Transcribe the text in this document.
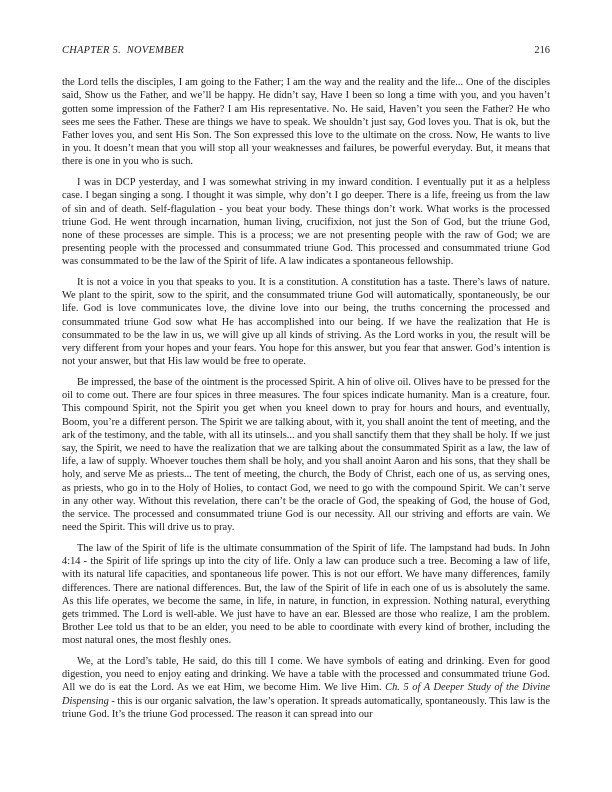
CHAPTER 5.  NOVEMBER	216

the Lord tells the disciples, I am going to the Father; I am the way and the reality and the life... One of the disciples said, Show us the Father, and we’ll be happy. He didn’t say, Have I been so long a time with you, and you haven’t gotten some impression of the Father? I am His representative. No. He said, Haven’t you seen the Father? He who sees me sees the Father. These are things we have to speak. We shouldn’t just say, God loves you. That is ok, but the Father loves you, and sent His Son. The Son expressed this love to the ultimate on the cross. Now, He wants to live in you. It doesn’t mean that you will stop all your weaknesses and failures, be powerful everyday. But, it means that there is one in you who is such.

I was in DCP yesterday, and I was somewhat striving in my inward condition. I eventually put it as a helpless case. I began singing a song. I thought it was simple, why don’t I go deeper. There is a life, freeing us from the law of sin and of death. Self-flagulation - you beat your body. These things don’t work. What works is the processed triune God. He went through incarnation, human living, crucifixion, not just the Son of God, but the triune God, none of these processes are simple. This is a process; we are not presenting people with the raw of God; we are presenting people with the processed and consummated triune God. This processed and consummated triune God was consummated to be the law of the Spirit of life. A law indicates a spontaneous fellowship.

It is not a voice in you that speaks to you. It is a constitution. A constitution has a taste. There’s laws of nature. We plant to the spirit, sow to the spirit, and the consummated triune God will automatically, spontaneously, be our life. God is love communicates love, the divine love into our being, the truths concerning the processed and consummated triune God sow what He has accomplished into our being. If we have the realization that He is consummated to be the law in us, we will give up all kinds of striving. As the Lord works in you, the result will be very different from your hopes and your fears. You hope for this answer, but you fear that answer. God’s intention is not your answer, but that His law would be free to operate.

Be impressed, the base of the ointment is the processed Spirit. A hin of olive oil. Olives have to be pressed for the oil to come out. There are four spices in three measures. The four spices indicate humanity. Man is a creature, four. This compound Spirit, not the Spirit you get when you kneel down to pray for hours and hours, and eventually, Boom, you’re a different person. The Spirit we are talking about, with it, you shall anoint the tent of meeting, and the ark of the testimony, and the table, with all its utinsels... and you shall sanctify them that they shall be holy. If we just say, the Spirit, we need to have the realization that we are talking about the consummated Spirit as a law, the law of life, a law of supply. Whoever touches them shall be holy, and you shall anoint Aaron and his sons, that they shall be holy, and serve Me as priests... The tent of meeting, the church, the Body of Christ, each one of us, as serving ones, as priests, who go in to the Holy of Holies, to contact God, we need to go with the compound Spirit. We can’t serve in any other way. Without this revelation, there can’t be the oracle of God, the speaking of God, the house of God, the service. The processed and consummated triune God is our necessity. All our striving and efforts are vain. We need the Spirit. This will drive us to pray.

The law of the Spirit of life is the ultimate consummation of the Spirit of life. The lampstand had buds. In John 4:14 - the Spirit of life springs up into the city of life. Only a law can produce such a tree. Becoming a law of life, with its natural life capacities, and spontaneous life power. This is not our effort. We have many differences, family differences. There are national differences. But, the law of the Spirit of life in each one of us is absolutely the same. As this life operates, we become the same, in life, in nature, in function, in expression. Nothing natural, everything gets trimmed. The Lord is well-able. We just have to have an ear. Blessed are those who realize, I am the problem. Brother Lee told us that to be an elder, you need to be able to coordinate with every kind of brother, including the most natural ones, the most fleshly ones.

We, at the Lord’s table, He said, do this till I come. We have symbols of eating and drinking. Even for good digestion, you need to enjoy eating and drinking. We have a table with the processed and consummated triune God. All we do is eat the Lord. As we eat Him, we become Him. We live Him. Ch. 5 of A Deeper Study of the Divine Dispensing - this is our organic salvation, the law’s operation. It spreads automatically, spontaneously. This law is the triune God. It’s the triune God processed. The reason it can spread into our
